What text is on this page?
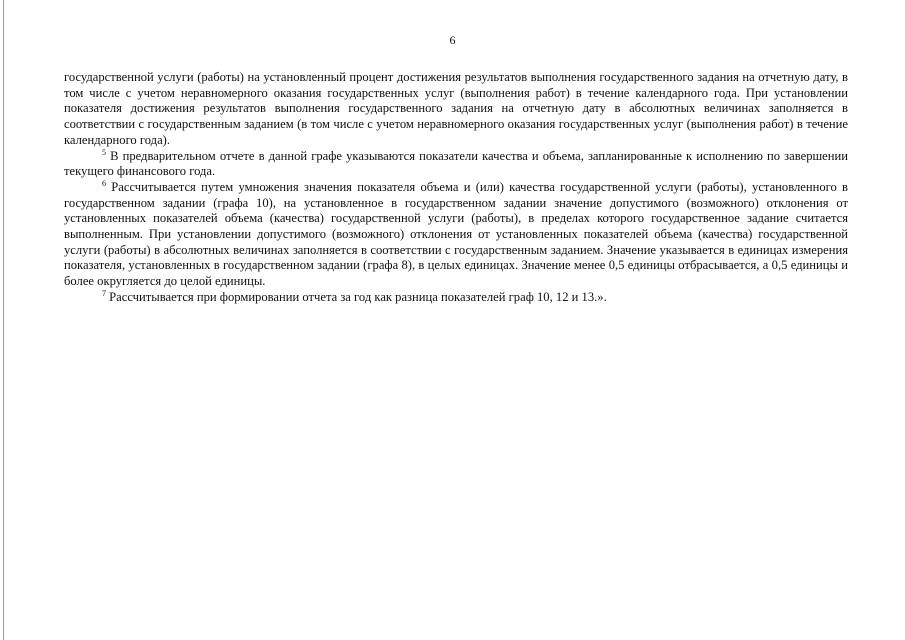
6

государственной услуги (работы) на установленный процент достижения результатов выполнения государственного задания на отчетную дату, в том числе с учетом неравномерного оказания государственных услуг (выполнения работ) в течение календарного года. При установлении показателя достижения результатов выполнения государственного задания на отчетную дату в абсолютных величинах заполняется в соответствии с государственным заданием (в том числе с учетом неравномерного оказания государственных услуг (выполнения работ) в течение календарного года).

$^5$ В предварительном отчете в данной графе указываются показатели качества и объема, запланированные к исполнению по завершении текущего финансового года.

$^6$ Рассчитывается путем умножения значения показателя объема и (или) качества государственной услуги (работы), установленного в государственном задании (графа 10), на установленное в государственном задании значение допустимого (возможного) отклонения от установленных показателей объема (качества) государственной услуги (работы), в пределах которого государственное задание считается выполненным. При установлении допустимого (возможного) отклонения от установленных показателей объема (качества) государственной услуги (работы) в абсолютных величинах заполняется в соответствии с государственным заданием. Значение указывается в единицах измерения показателя, установленных в государственном задании (графа 8), в целых единицах. Значение менее 0,5 единицы отбрасывается, а 0,5 единицы и более округляется до целой единицы.

$^7$ Рассчитывается при формировании отчета за год как разница показателей граф 10, 12 и 13.».
